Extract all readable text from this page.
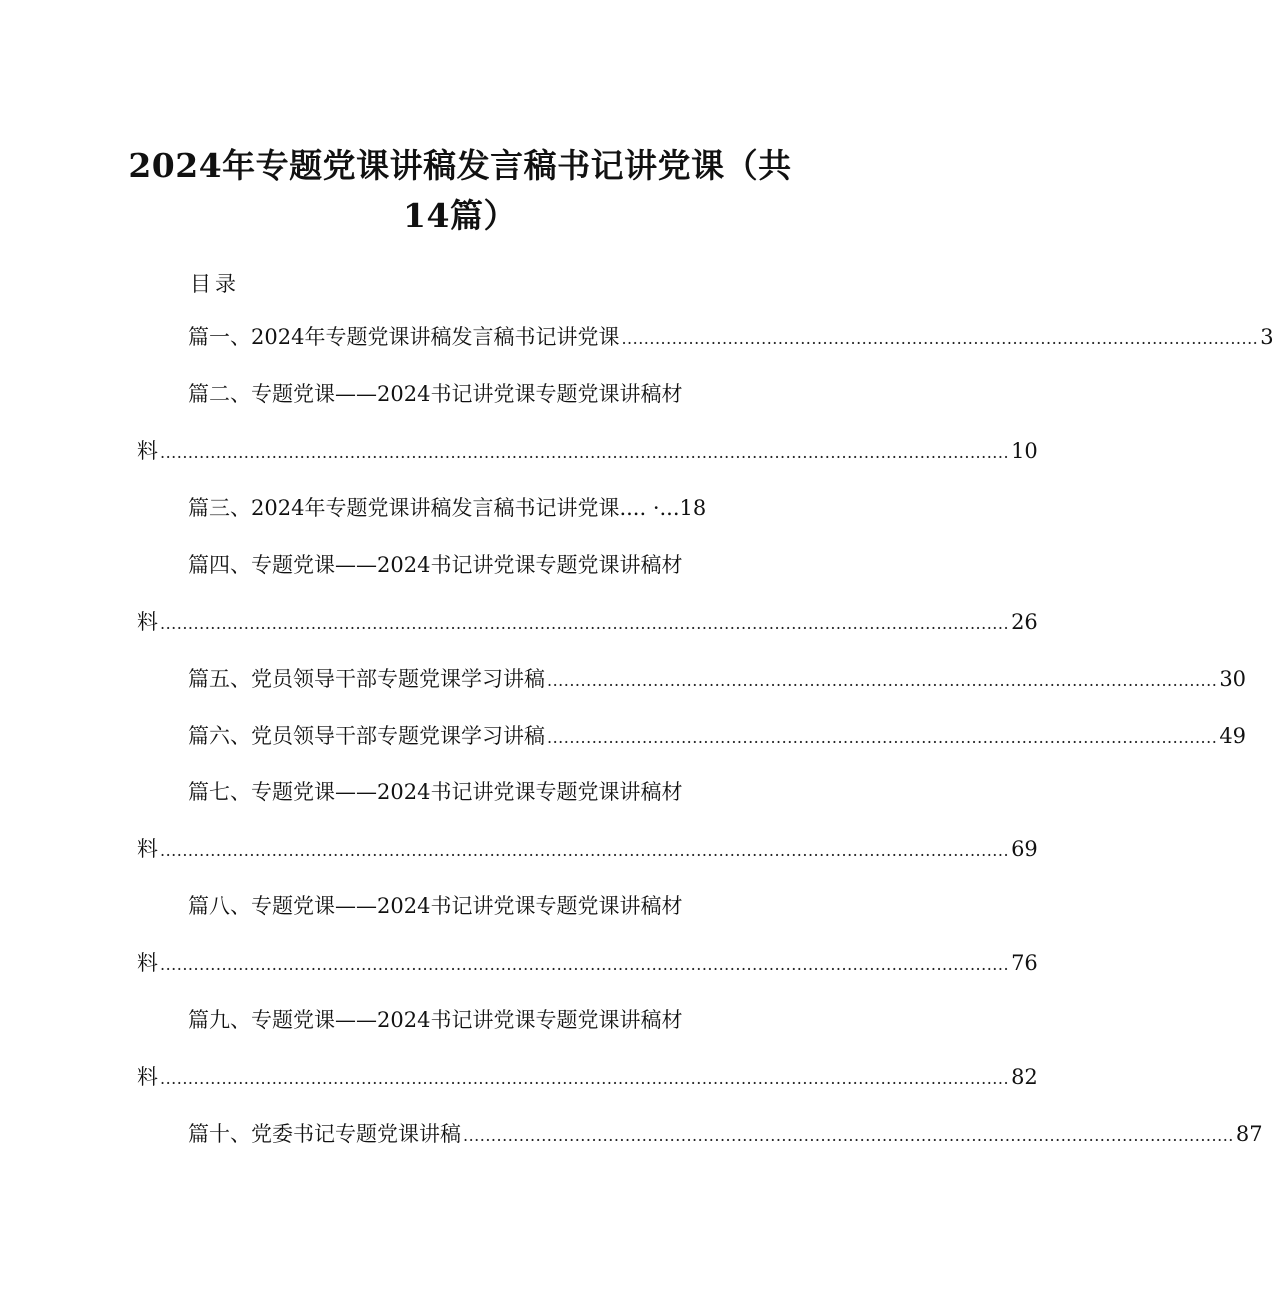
2024年专题党课讲稿发言稿书记讲党课（共
14篇）

目录

篇一、2024年专题党课讲稿发言稿书记讲党课 .................................................................................................................. 3
篇二、专题党课——2024书记讲党课专题党课讲稿材
料 ........................................................................................................................................................ 10
篇三、2024年专题党课讲稿发言稿书记讲党课.... · ...18
篇四、专题党课——2024书记讲党课专题党课讲稿材
料 ........................................................................................................................................................ 26
篇五、党员领导干部专题党课学习讲稿 ........................................................................................................................ 30
篇六、党员领导干部专题党课学习讲稿 ........................................................................................................................ 49
篇七、专题党课——2024书记讲党课专题党课讲稿材
料 ........................................................................................................................................................ 69
篇八、专题党课——2024书记讲党课专题党课讲稿材
料 ........................................................................................................................................................ 76
篇九、专题党课——2024书记讲党课专题党课讲稿材
料 ........................................................................................................................................................ 82
篇十、党委书记专题党课讲稿 .......................................................................................................................................... 87
